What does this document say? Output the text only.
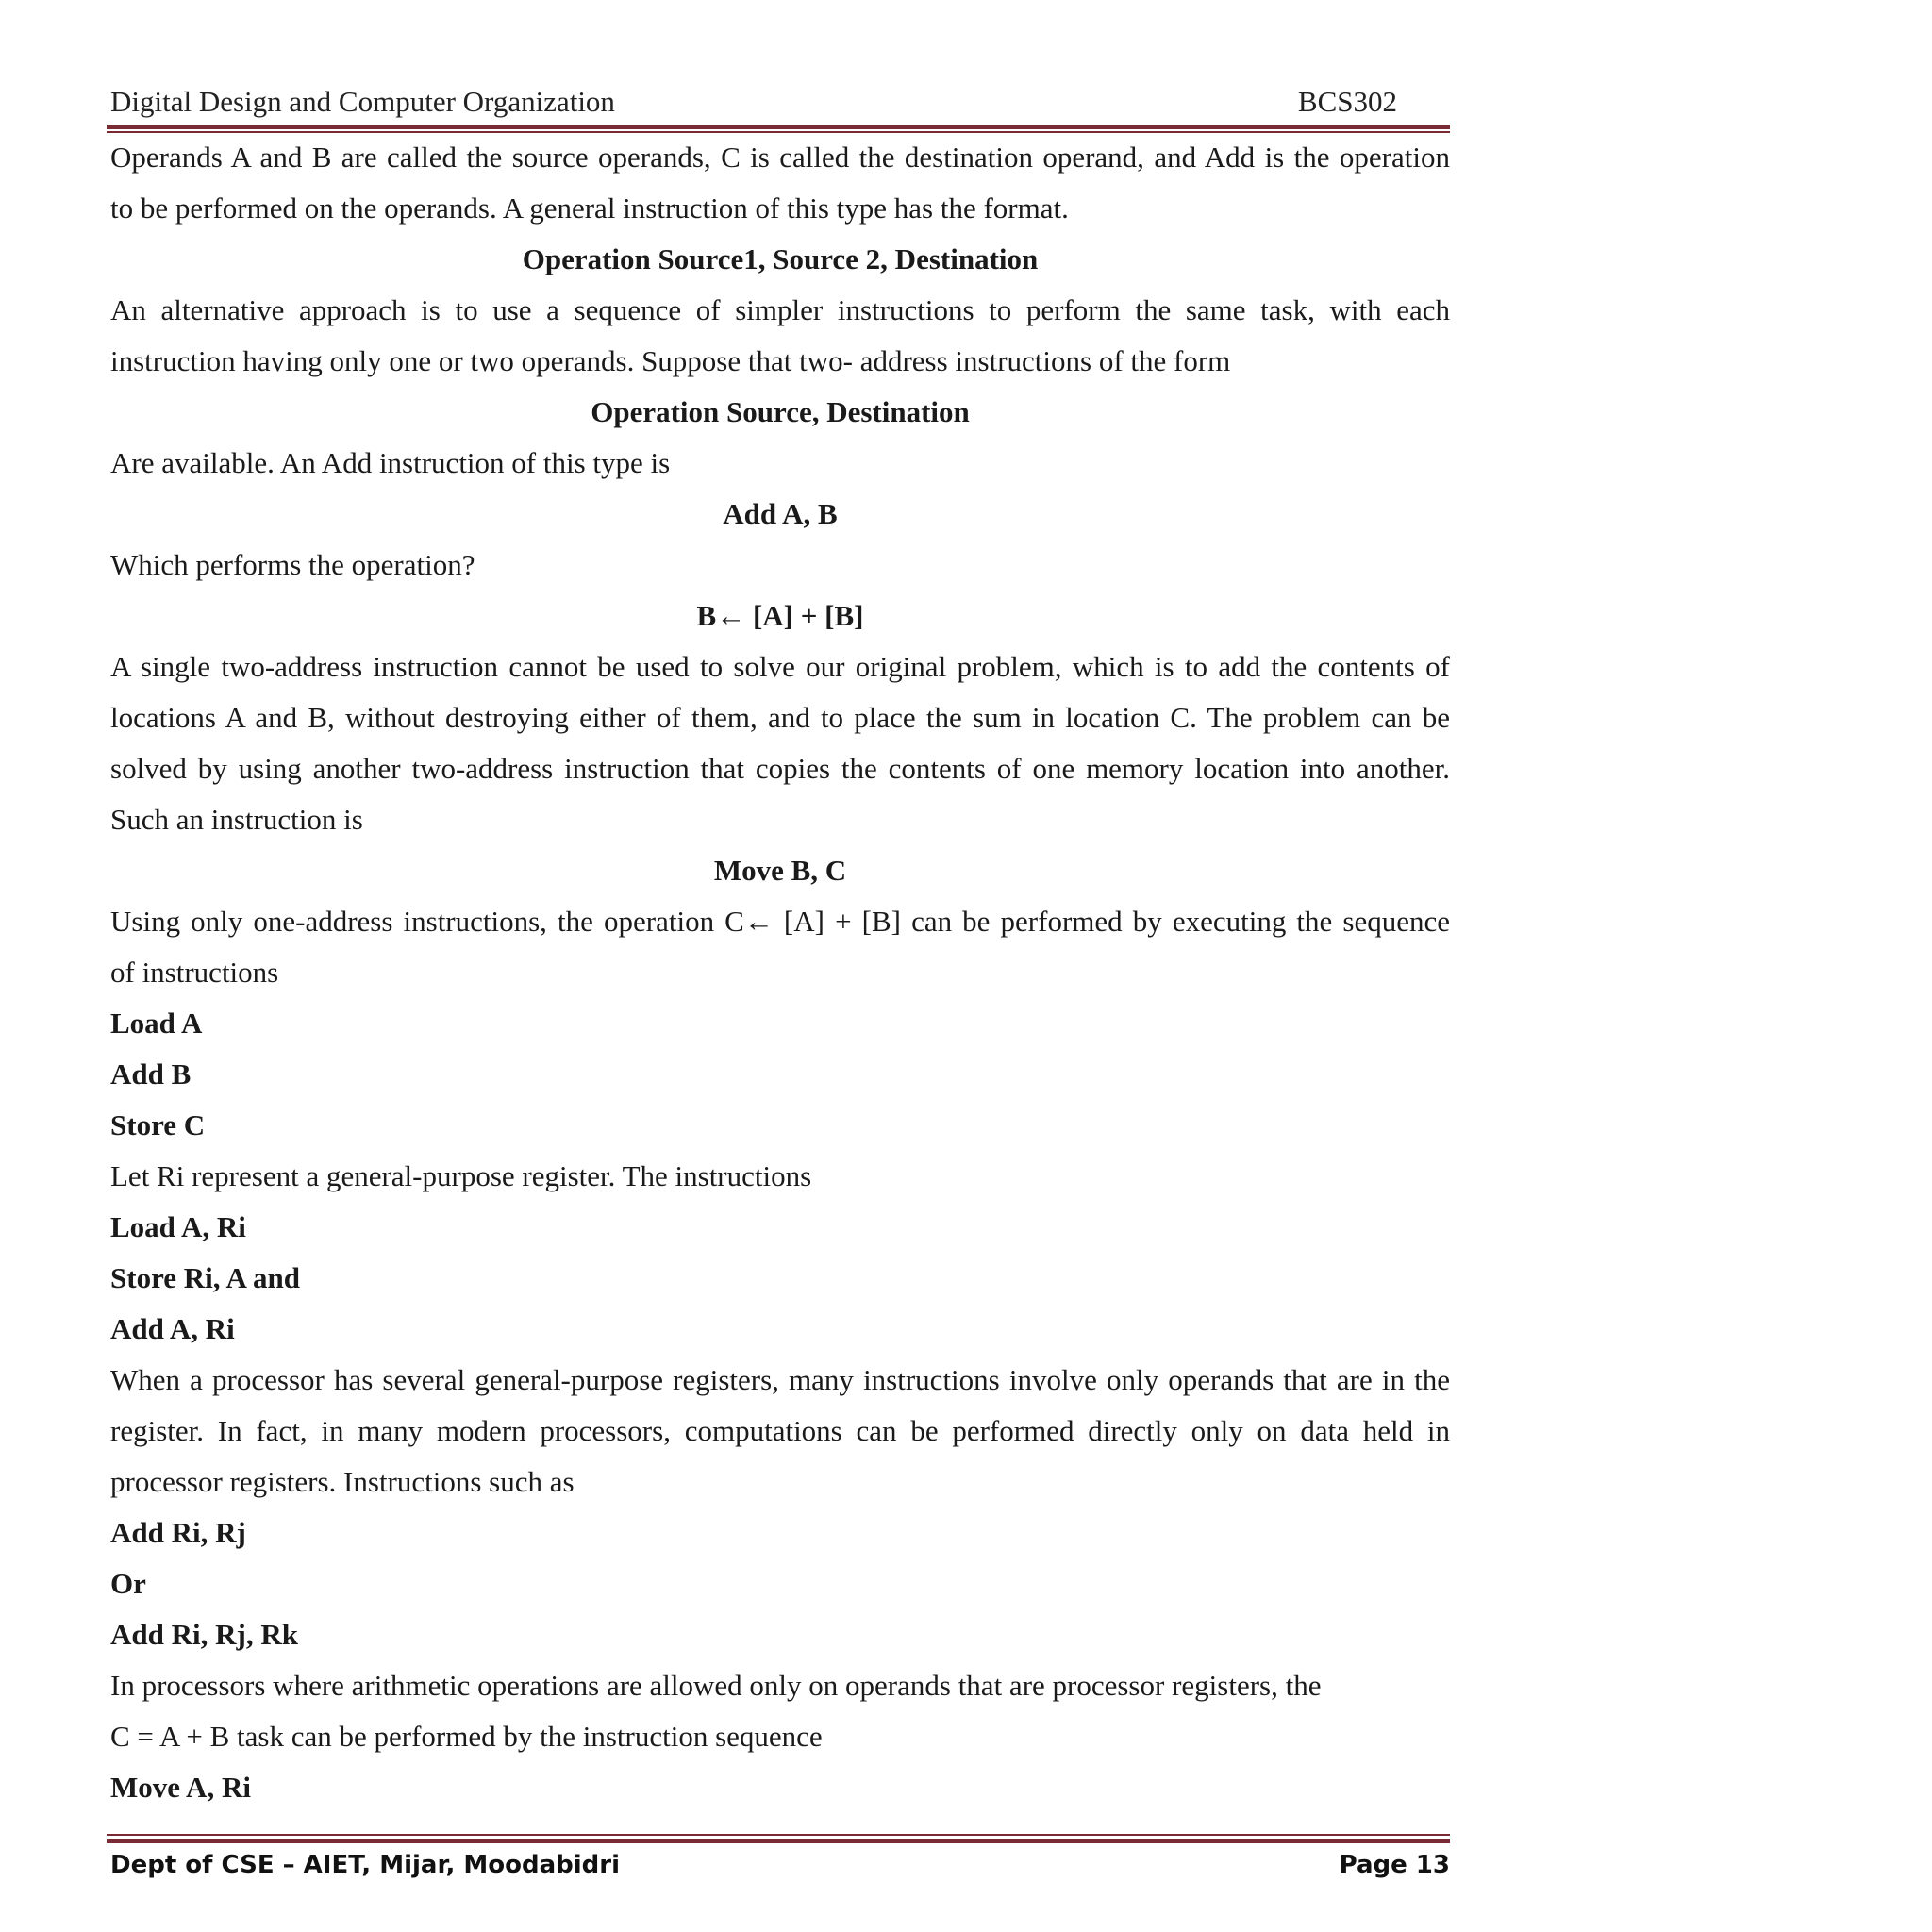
Digital Design and Computer Organization	BCS302
Operands A and B are called the source operands, C is called the destination operand, and Add is the operation
to be performed on the operands. A general instruction of this type has the format.
Operation Source1, Source 2, Destination
An alternative approach is to use a sequence of simpler instructions to perform the same task, with each
instruction having only one or two operands. Suppose that two- address instructions of the form
Operation Source, Destination
Are available. An Add instruction of this type is
Add A, B
Which performs the operation?
B← [A] + [B]
A single two-address instruction cannot be used to solve our original problem, which is to add the contents of
locations A and B, without destroying either of them, and to place the sum in location C. The problem can be
solved by using another two-address instruction that copies the contents of one memory location into another.
Such an instruction is
Move B, C
Using only one-address instructions, the operation C← [A] + [B] can be performed by executing the sequence
of instructions
Load A
Add B
Store C
Let Ri represent a general-purpose register. The instructions
Load A, Ri
Store Ri, A and
Add A, Ri
When a processor has several general-purpose registers, many instructions involve only operands that are in the
register. In fact, in many modern processors, computations can be performed directly only on data held in
processor registers. Instructions such as
Add Ri, Rj
Or
Add Ri, Rj, Rk
In processors where arithmetic operations are allowed only on operands that are processor registers, the
C = A + B task can be performed by the instruction sequence
Move A, Ri
Dept of CSE – AIET, Mijar, Moodabidri	Page 13
